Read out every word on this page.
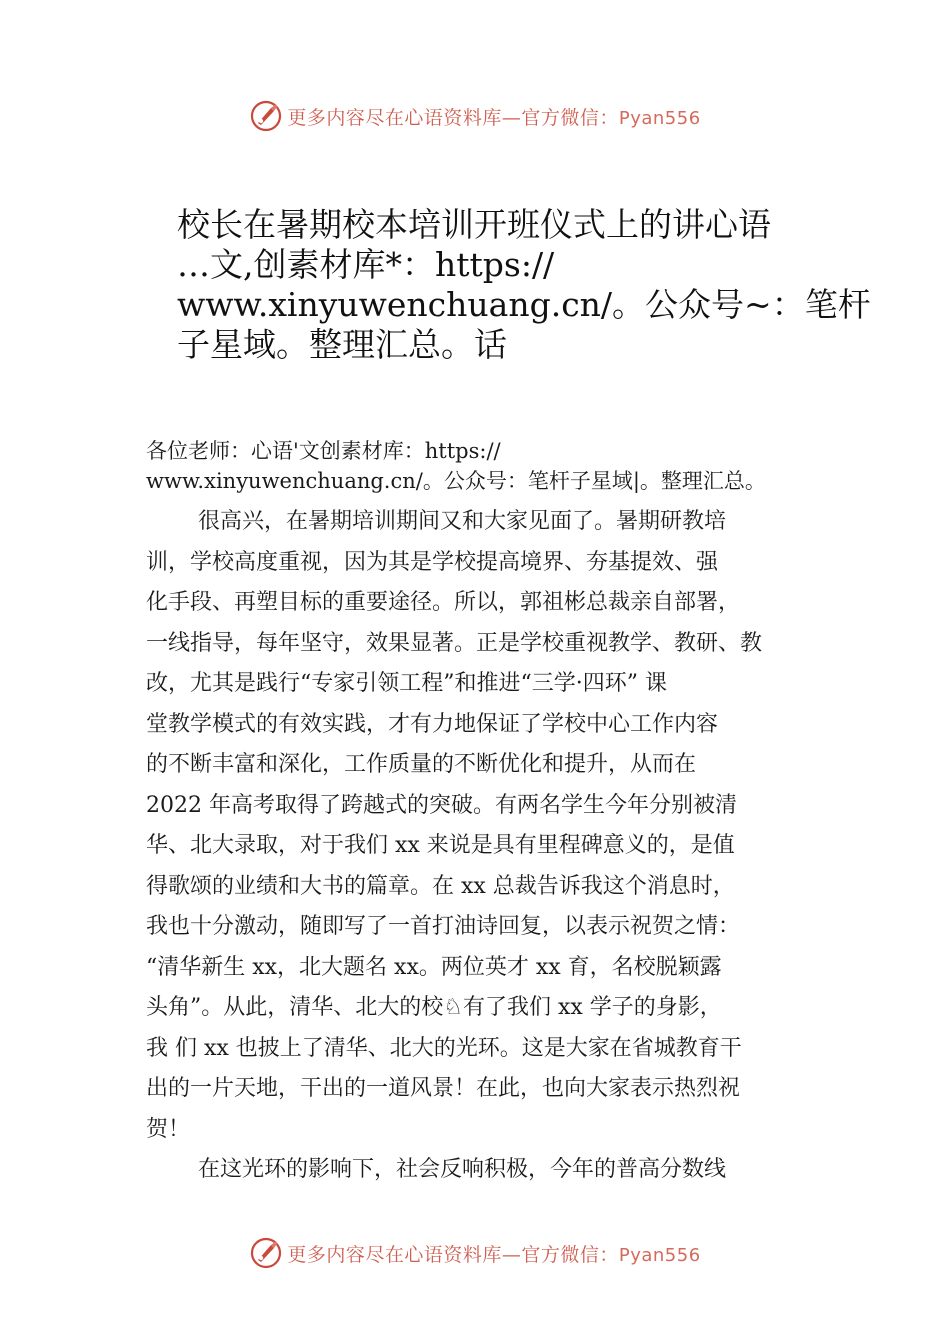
更多内容尽在心语资料库—官方微信：Pyan556
校长在暑期校本培训开班仪式上的讲心语
…文,创素材库*：https://
www.xinyuwenchuang.cn/。公众号~：笔杆
子星域。整理汇总。话
各位老师：心语'文创素材库：https://
www.xinyuwenchuang.cn/。公众号：笔杆子星域|。整理汇总。
很高兴，在暑期培训期间又和大家见面了。暑期研教培
训，学校高度重视，因为其是学校提高境界、夯基提效、强
化手段、再塑目标的重要途径。所以，郭祖彬总裁亲自部署，
一线指导，每年坚守，效果显著。正是学校重视教学、教研、教
改，尤其是践行“专家引领工程”和推进“三学·四环” 课
堂教学模式的有效实践，才有力地保证了学校中心工作内容
的不断丰富和深化，工作质量的不断优化和提升，从而在
2022 年高考取得了跨越式的突破。有两名学生今年分别被清
华、北大录取，对于我们 xx 来说是具有里程碑意义的，是值
得歌颂的业绩和大书的篇章。在 xx 总裁告诉我这个消息时，
我也十分激动，随即写了一首打油诗回复，以表示祝贺之情：
“清华新生 xx，北大题名 xx。两位英才 xx 育，名校脱颖露
头角”。从此，清华、北大的校♘有了我们 xx 学子的身影，
我 们 xx 也披上了清华、北大的光环。这是大家在省城教育干
出的一片天地，干出的一道风景！在此，也向大家表示热烈祝
贺！
在这光环的影响下，社会反响积极，今年的普高分数线
更多内容尽在心语资料库—官方微信：Pyan556
